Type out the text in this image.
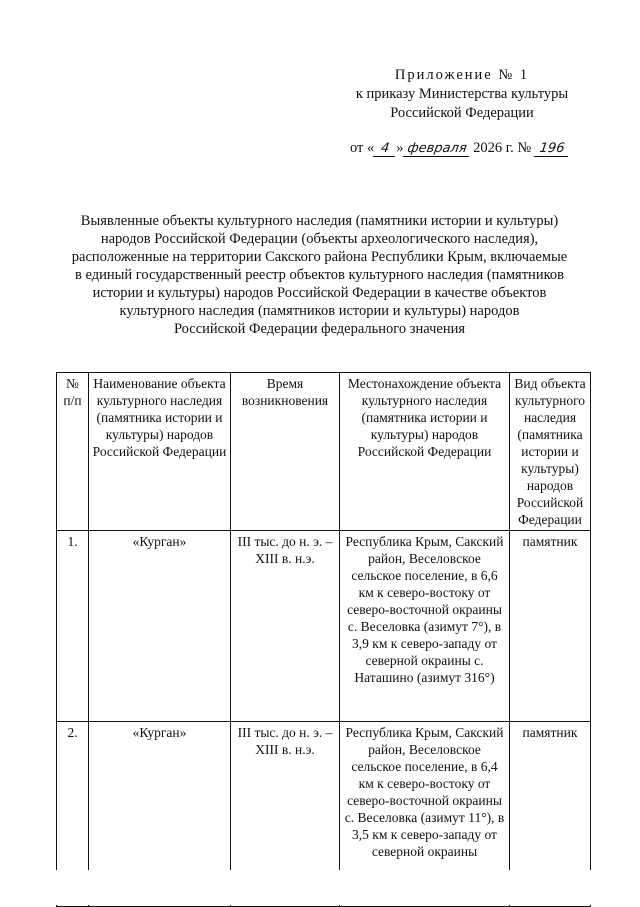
Приложение № 1
к приказу Министерства культуры
Российской Федерации
от « 4 » февраля 2026 г. № 196
Выявленные объекты культурного наследия (памятники истории и культуры)
народов Российской Федерации (объекты археологического наследия),
расположенные на территории Сакского района Республики Крым, включаемые
в единый государственный реестр объектов культурного наследия (памятников
истории и культуры) народов Российской Федерации в качестве объектов
культурного наследия (памятников истории и культуры) народов
Российской Федерации федерального значения
№ п/п	Наименование объекта культурного наследия (памятника истории и культуры) народов Российской Федерации	Время возникновения	Местонахождение объекта культурного наследия (памятника истории и культуры) народов Российской Федерации	Вид объекта культурного наследия (памятника истории и культуры) народов Российской Федерации
1.	«Курган»	III тыс. до н. э. – XIII в. н.э.	Республика Крым, Сакский район, Веселовское сельское поселение, в 6,6 км к северо-востоку от северо-восточной окраины с. Веселовка (азимут 7°), в 3,9 км к северо-западу от северной окраины с. Наташино (азимут 316°)	памятник
2.	«Курган»	III тыс. до н. э. – XIII в. н.э.	Республика Крым, Сакский район, Веселовское сельское поселение, в 6,4 км к северо-востоку от северо-восточной окраины с. Веселовка (азимут 11°), в 3,5 км к северо-западу от северной окраины	памятник
